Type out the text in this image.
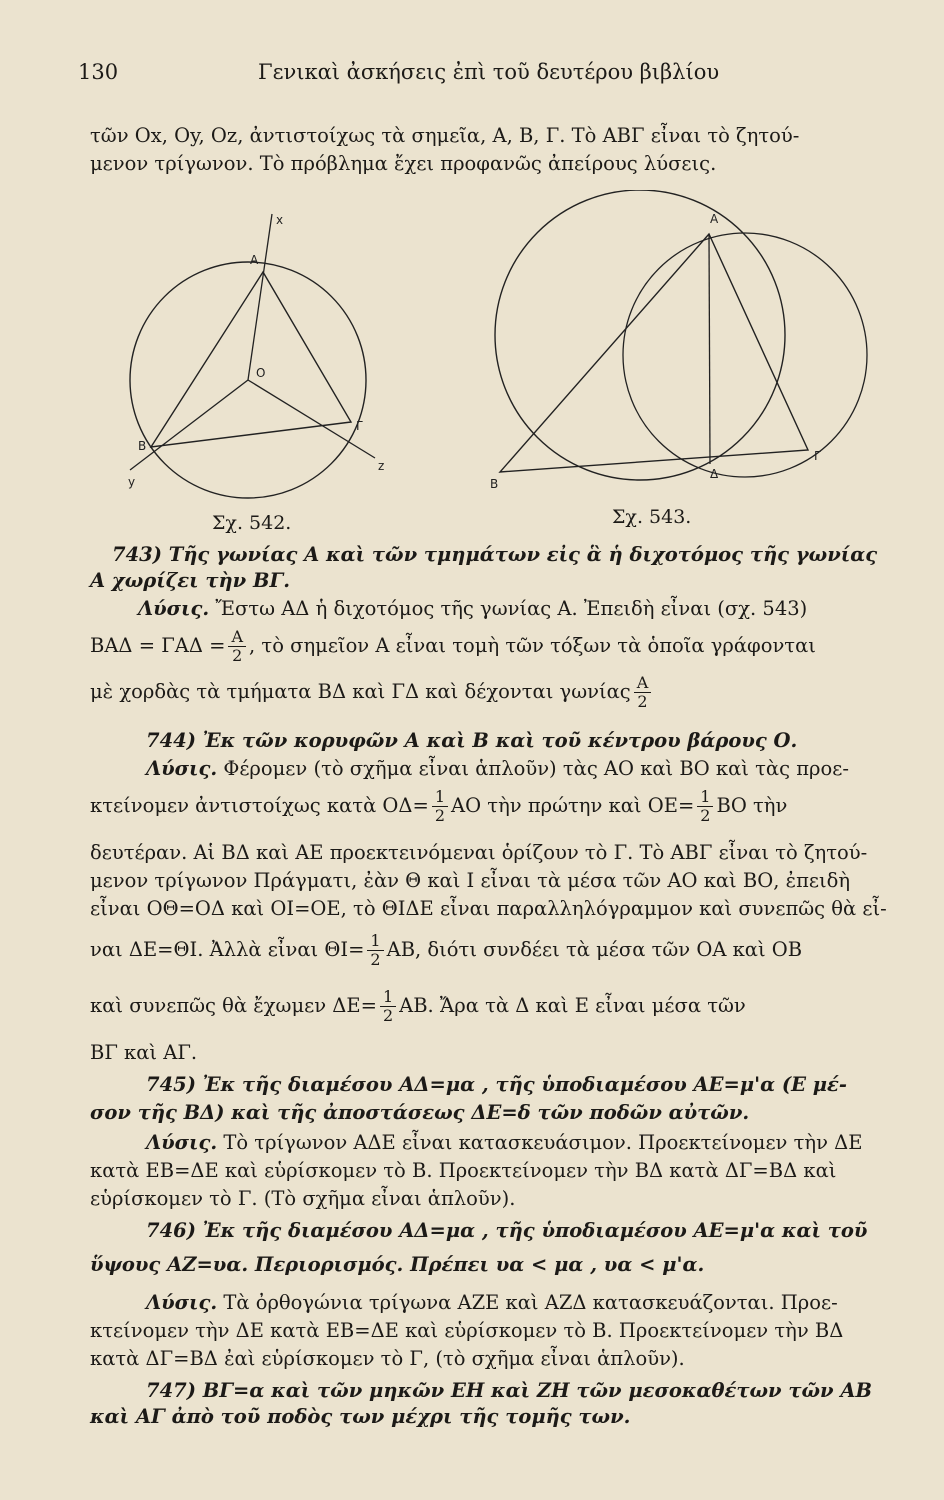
130	Γενικαὶ ἀσκήσεις ἐπὶ τοῦ δευτέρου βιβλίου
τῶν Οx, Οy, Οz, ἀντιστοίχως τὰ σημεῖα, Α, Β, Γ. Τὸ ΑΒΓ εἶναι τὸ ζητού-
μενον τρίγωνον. Τὸ πρόβλημα ἔχει προφανῶς ἀπείρους λύσεις.
x
A
O
B
Γ
y
z
Σχ. 542.
A
B
Δ
Γ
Σχ. 543.
743) Τῆς γωνίας Α καὶ τῶν τμημάτων εἰς ἃ ἡ διχοτόμος τῆς γωνίας
Α χωρίζει τὴν ΒΓ.
Λύσις. Ἔστω ΑΔ ἡ διχοτόμος τῆς γωνίας Α. Ἐπειδὴ εἶναι (σχ. 543)
$BA\Delta = \Gamma A\Delta = \frac{A}{2}$ , τὸ σημεῖον Α εἶναι τομὴ τῶν τόξων τὰ ὁποῖα γράφονται
μὲ χορδὰς τὰ τμήματα ΒΔ καὶ ΓΔ καὶ δέχονται γωνίας $\frac{A}{2}$
744) Ἐκ τῶν κορυφῶν Α καὶ Β καὶ τοῦ κέντρου βάρους Ο.
Λύσις. Φέρομεν (τὸ σχῆμα εἶναι ἁπλοῦν) τὰς ΑΟ καὶ ΒΟ καὶ τὰς προε-
κτείνομεν ἀντιστοίχως κατὰ $O\Delta= \frac{1}{2}$ ΑΟ τὴν πρώτην καὶ $OE= \frac{1}{2}$ ΒΟ τὴν
δευτέραν. Αἱ ΒΔ καὶ ΑΕ προεκτεινόμεναι ὁρίζουν τὸ Γ. Τὸ ΑΒΓ εἶναι τὸ ζητού-
μενον τρίγωνον Πράγματι, ἐὰν Θ καὶ Ι εἶναι τὰ μέσα τῶν ΑΟ καὶ ΒΟ, ἐπειδὴ
εἶναι ΟΘ=ΟΔ καὶ ΟΙ=ΟΕ, τὸ ΘΙΔΕ εἶναι παραλληλόγραμμον καὶ συνεπῶς θὰ εἶ-
ναι ΔΕ=ΘΙ. Ἀλλὰ εἶναι $\Theta I= \frac{1}{2} AB$, διότι συνδέει τὰ μέσα τῶν ΟΑ καὶ ΟΒ
καὶ συνεπῶς θὰ ἔχωμεν $\Delta E= \frac{1}{2} AB$. Ἄρα τὰ Δ καὶ Ε εἶναι μέσα τῶν
ΒΓ καὶ ΑΓ.
745) Ἐκ τῆς διαμέσου ΑΔ=μα , τῆς ὑποδιαμέσου ΑΕ=μ'α (Ε μέ-
σον τῆς ΒΔ) καὶ τῆς ἀποστάσεως ΔΕ=δ τῶν ποδῶν αὐτῶν.
Λύσις. Τὸ τρίγωνον ΑΔΕ εἶναι κατασκευάσιμον. Προεκτείνομεν τὴν ΔΕ
κατὰ ΕΒ=ΔΕ καὶ εὑρίσκομεν τὸ Β. Προεκτείνομεν τὴν ΒΔ κατὰ ΔΓ=ΒΔ καὶ
εὑρίσκομεν τὸ Γ. (Τὸ σχῆμα εἶναι ἁπλοῦν).
746) Ἐκ τῆς διαμέσου ΑΔ=μα , τῆς ὑποδιαμέσου ΑΕ=μ'α καὶ τοῦ
ὕψους ΑΖ=υα. Περιορισμός. Πρέπει υα < μα , υα < μ'α.
Λύσις. Τὰ ὀρθογώνια τρίγωνα ΑΖΕ καὶ ΑΖΔ κατασκευάζονται. Προε-
κτείνομεν τὴν ΔΕ κατὰ ΕΒ=ΔΕ καὶ εὑρίσκομεν τὸ Β. Προεκτείνομεν τὴν ΒΔ
κατὰ ΔΓ=ΒΔ ἐαὶ εὑρίσκομεν τὸ Γ, (τὸ σχῆμα εἶναι ἁπλοῦν).
747) ΒΓ=α καὶ τῶν μηκῶν ΕΗ καὶ ΖΗ τῶν μεσοκαθέτων τῶν ΑΒ
καὶ ΑΓ ἀπὸ τοῦ ποδὸς των μέχρι τῆς τομῆς των.
